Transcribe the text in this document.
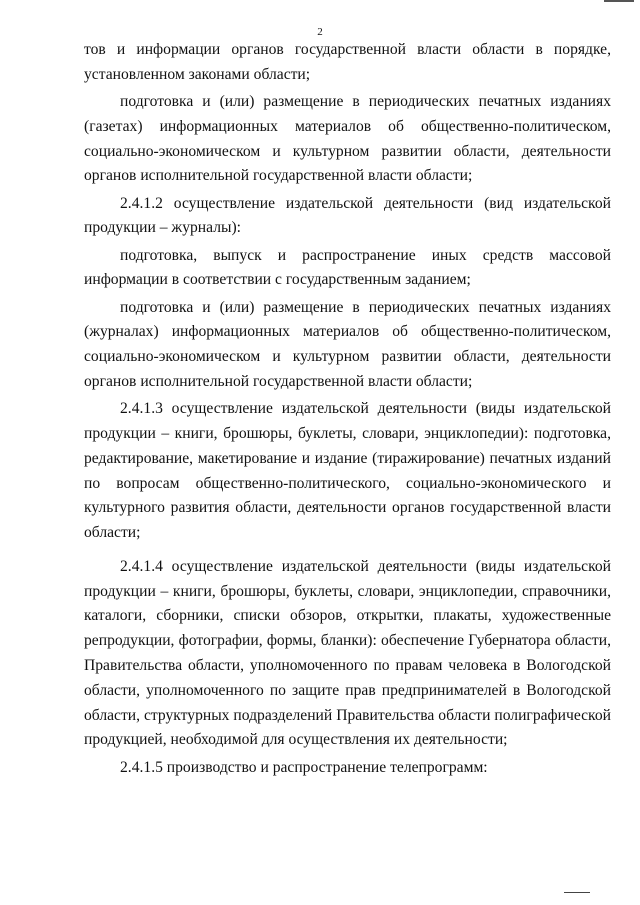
2

тов и информации органов государственной власти области в порядке, установленном законами области;

подготовка и (или) размещение в периодических печатных изданиях (газетах) информационных материалов об общественно-политическом, социально-экономическом и культурном развитии области, деятельности органов исполнительной государственной власти области;

2.4.1.2 осуществление издательской деятельности (вид издательской продукции – журналы):

подготовка, выпуск и распространение иных средств массовой информации в соответствии с государственным заданием;

подготовка и (или) размещение в периодических печатных изданиях (журналах) информационных материалов об общественно-политическом, социально-экономическом и культурном развитии области, деятельности органов исполнительной государственной власти области;

2.4.1.3 осуществление издательской деятельности (виды издательской продукции – книги, брошюры, буклеты, словари, энциклопедии): подготовка, редактирование, макетирование и издание (тиражирование) печатных изданий по вопросам общественно-политического, социально-экономического и культурного развития области, деятельности органов государственной власти области;

2.4.1.4 осуществление издательской деятельности (виды издательской продукции – книги, брошюры, буклеты, словари, энциклопедии, справочники, каталоги, сборники, списки обзоров, открытки, плакаты, художественные репродукции, фотографии, формы, бланки): обеспечение Губернатора области, Правительства области, уполномоченного по правам человека в Вологодской области, уполномоченного по защите прав предпринимателей в Вологодской области, структурных подразделений Правительства области полиграфической продукцией, необходимой для осуществления их деятельности;

2.4.1.5 производство и распространение телепрограмм:
